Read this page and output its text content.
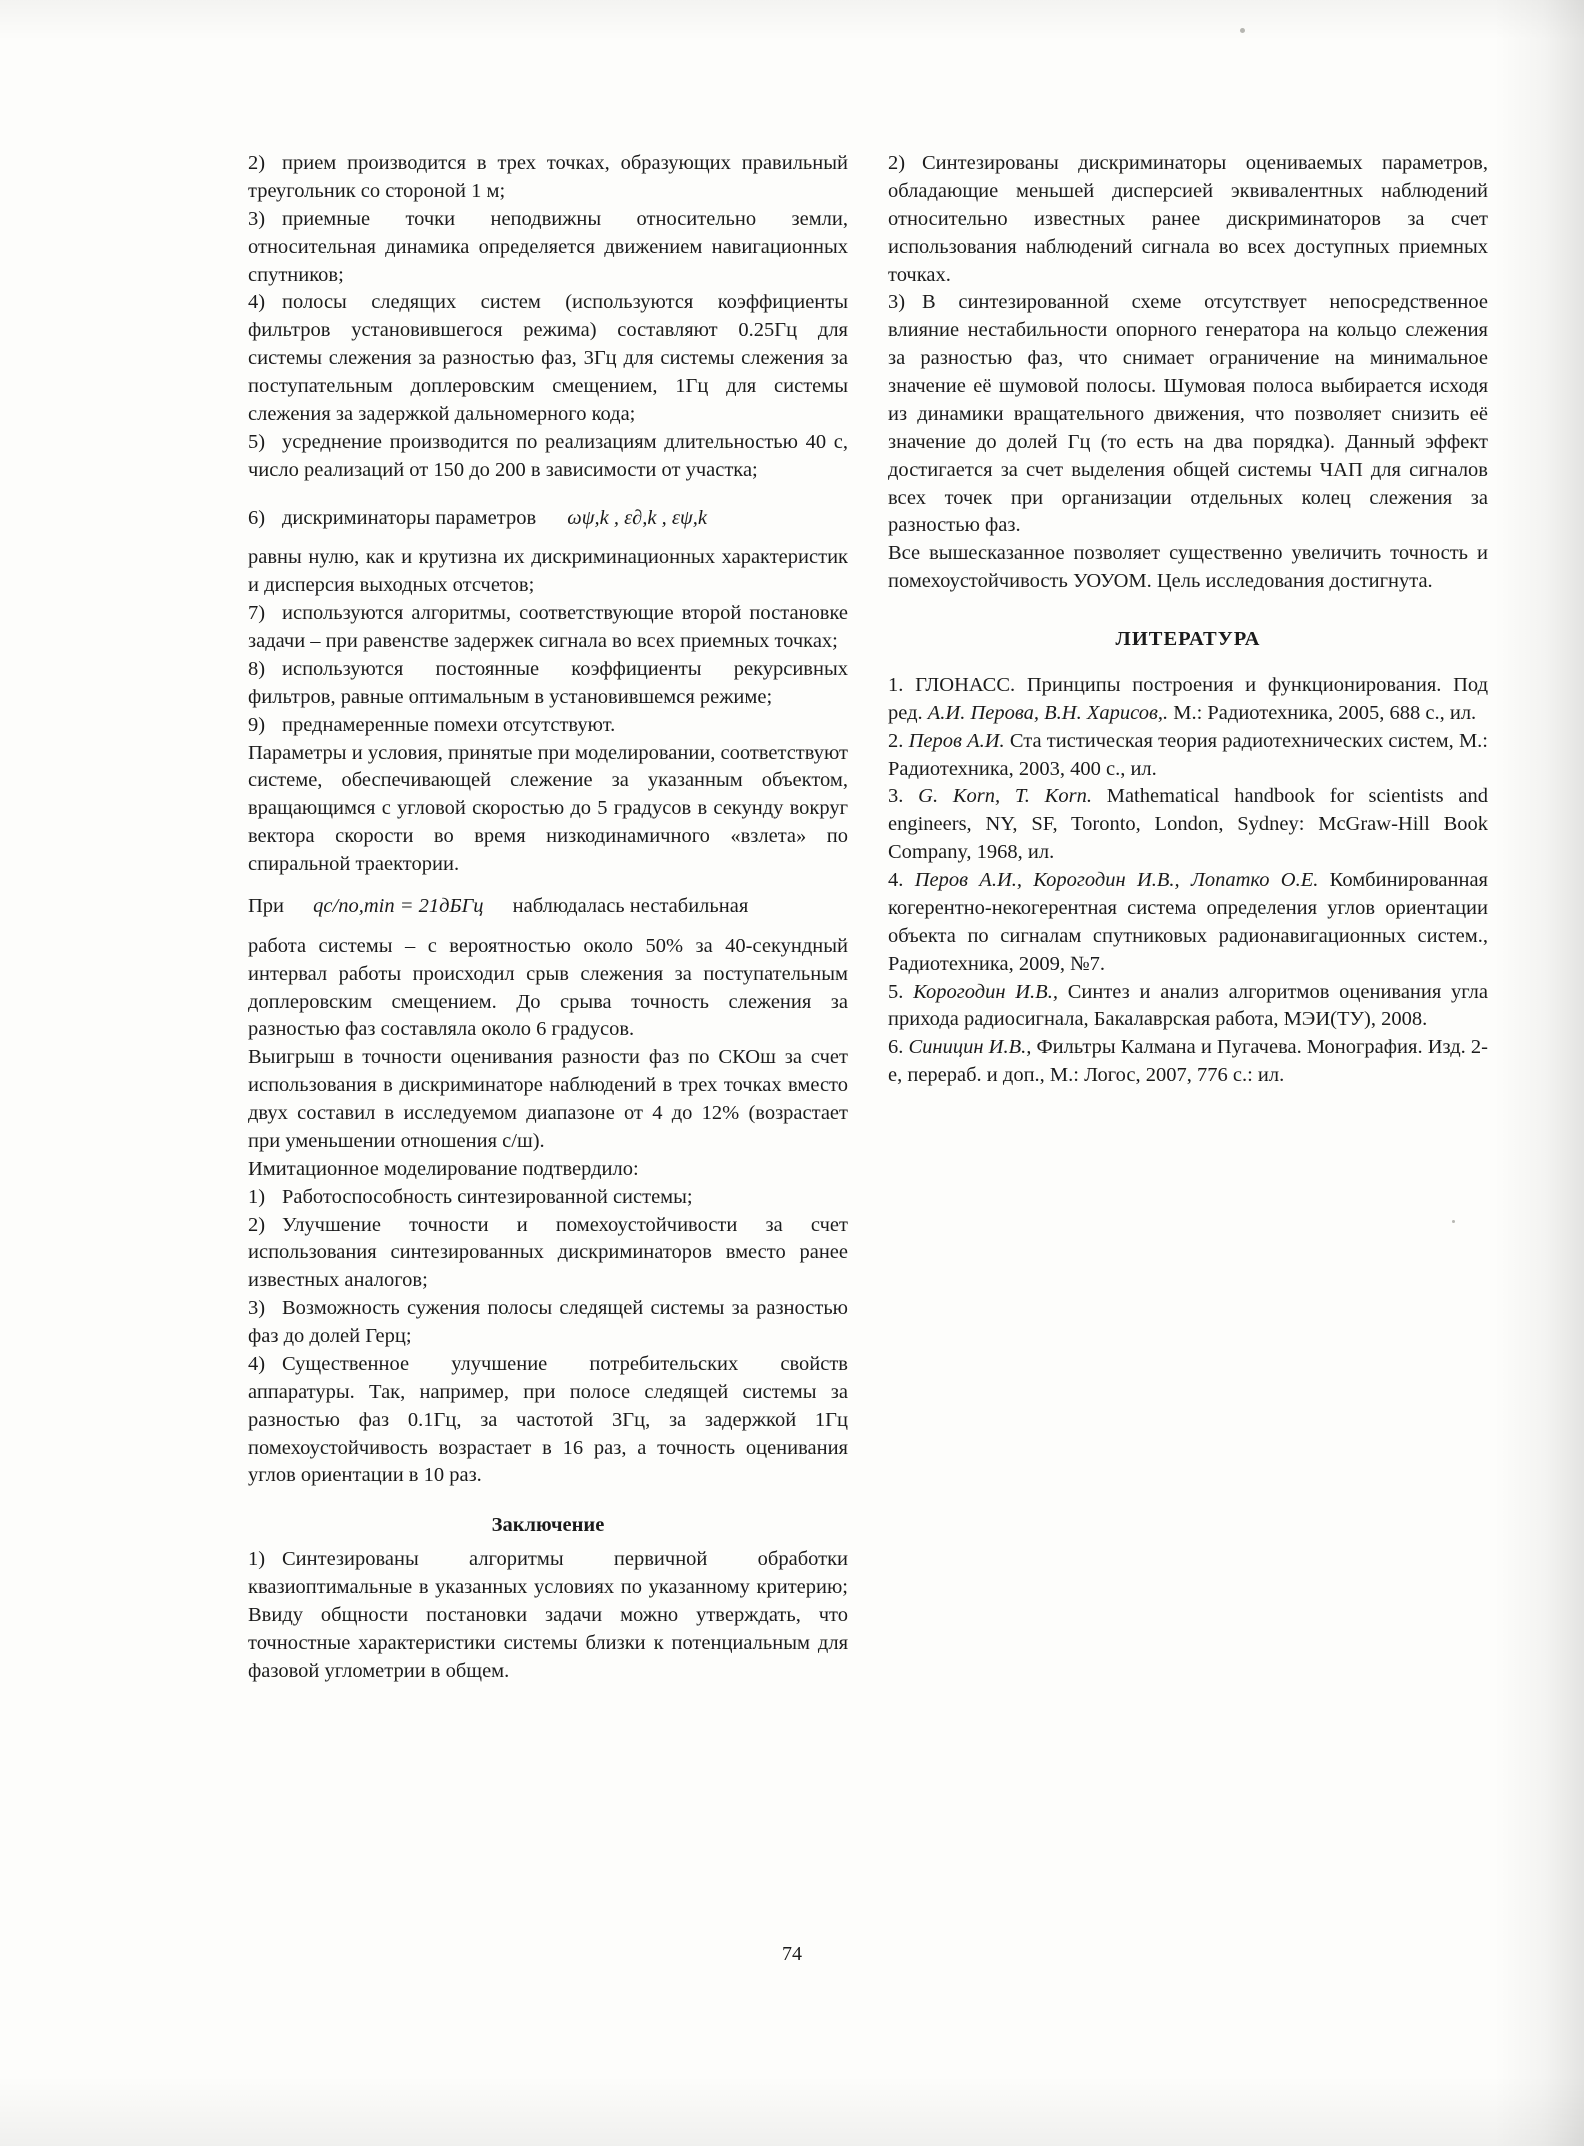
2) прием производится в трех точках, образующих правильный треугольник со стороной 1 м;

3) приемные точки неподвижны относительно земли, относительная динамика определяется движением навигационных спутников;

4) полосы следящих систем (используются коэффициенты фильтров установившегося режима) составляют 0.25Гц для системы слежения за разностью фаз, 3Гц для системы слежения за поступательным доплеровским смещением, 1Гц для системы слежения за задержкой дальномерного кода;

5) усреднение производится по реализациям длительностью 40 с, число реализаций от 150 до 200 в зависимости от участка;

6) дискриминаторы параметров ωψ,k , ε∂,k , εψ,k

равны нулю, как и крутизна их дискриминационных характеристик и дисперсия выходных отсчетов;

7) используются алгоритмы, соответствующие второй постановке задачи – при равенстве задержек сигнала во всех приемных точках;

8) используются постоянные коэффициенты рекурсивных фильтров, равные оптимальным в установившемся режиме;

9) преднамеренные помехи отсутствуют.

Параметры и условия, принятые при моделировании, соответствуют системе, обеспечивающей слежение за указанным объектом, вращающимся с угловой скоростью до 5 градусов в секунду вокруг вектора скорости во время низкодинамичного «взлета» по спиральной траектории.

При qс/по,min = 21дБГц наблюдалась нестабильная

работа системы – с вероятностью около 50% за 40-секундный интервал работы происходил срыв слежения за поступательным доплеровским смещением. До срыва точность слежения за разностью фаз составляла около 6 градусов.

Выигрыш в точности оценивания разности фаз по СКОш за счет использования в дискриминаторе наблюдений в трех точках вместо двух составил в исследуемом диапазоне от 4 до 12% (возрастает при уменьшении отношения с/ш).

Имитационное моделирование подтвердило:

1) Работоспособность синтезированной системы;

2) Улучшение точности и помехоустойчивости за счет использования синтезированных дискриминаторов вместо ранее известных аналогов;

3) Возможность сужения полосы следящей системы за разностью фаз до долей Герц;

4) Существенное улучшение потребительских свойств аппаратуры. Так, например, при полосе следящей системы за разностью фаз 0.1Гц, за частотой 3Гц, за задержкой 1Гц помехоустойчивость возрастает в 16 раз, а точность оценивания углов ориентации в 10 раз.

Заключение

1) Синтезированы алгоритмы первичной обработки квазиоптимальные в указанных условиях по указанному критерию; Ввиду общности постановки задачи можно утверждать, что точностные характеристики системы близки к потенциальным для фазовой углометрии в общем.

2) Синтезированы дискриминаторы оцениваемых параметров, обладающие меньшей дисперсией эквивалентных наблюдений относительно известных ранее дискриминаторов за счет использования наблюдений сигнала во всех доступных приемных точках.

3) В синтезированной схеме отсутствует непосредственное влияние нестабильности опорного генератора на кольцо слежения за разностью фаз, что снимает ограничение на минимальное значение её шумовой полосы. Шумовая полоса выбирается исходя из динамики вращательного движения, что позволяет снизить её значение до долей Гц (то есть на два порядка). Данный эффект достигается за счет выделения общей системы ЧАП для сигналов всех точек при организации отдельных колец слежения за разностью фаз.

Все вышесказанное позволяет существенно увеличить точность и помехоустойчивость УОУОМ. Цель исследования достигнута.

ЛИТЕРАТУРА

1. ГЛОНАСС. Принципы построения и функционирования. Под ред. А.И. Перова, В.Н. Харисов,. М.: Радиотехника, 2005, 688 с., ил.

2. Перов А.И. Ста тистическая теория радиотехнических систем, М.: Радиотехника, 2003, 400 с., ил.

3. G. Korn, T. Korn. Mathematical handbook for scientists and engineers, NY, SF, Toronto, London, Sydney: McGraw-Hill Book Company, 1968, ил.

4. Перов А.И., Корогодин И.В., Лопатко О.Е. Комбинированная когерентно-некогерентная система определения углов ориентации объекта по сигналам спутниковых радионавигационных систем., Радиотехника, 2009, №7.

5. Корогодин И.В., Синтез и анализ алгоритмов оценивания угла прихода радиосигнала, Бакалаврская работа, МЭИ(ТУ), 2008.

6. Синицин И.В., Фильтры Калмана и Пугачева. Монография. Изд. 2-е, перераб. и доп., М.: Логос, 2007, 776 с.: ил.

74
